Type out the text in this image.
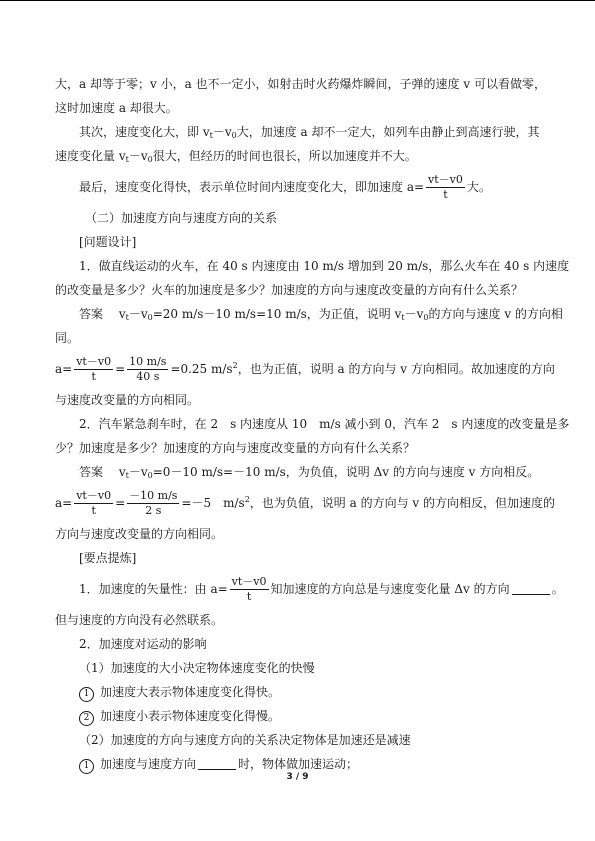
大，a 却等于零；v 小，a 也不一定小，如射击时火药爆炸瞬间，子弹的速度 v 可以看做零，

这时加速度 a 却很大。

其次，速度变化大，即 $v_t-v_0$大，加速度 a 却不一定大，如列车由静止到高速行驶，其

速度变化量 $v_t-v_0$很大，但经历的时间也很长，所以加速度并不大。

最后，速度变化得快，表示单位时间内速度变化大，即加速度 $a= \frac{vt-v0}{t}$ 大。

（二）加速度方向与速度方向的关系

[问题设计]

1．做直线运动的火车，在 40 s 内速度由 10 m/s 增加到 20 m/s，那么火车在 40 s 内速度

的改变量是多少？火车的加速度是多少？加速度的方向与速度改变量的方向有什么关系？

答案　 $v_t-v_0=20$ m/s－10 m/s=10 m/s，为正值，说明 $v_t-v_0$的方向与速度 v 的方向相

同。

$a= \frac{vt-v0}{t} = \frac{10 m/s}{40 s} =0.25$ $m/s^2$，也为正值，说明 a 的方向与 v 方向相同。故加速度的方向

与速度改变量的方向相同。

2．汽车紧急刹车时，在 2　s 内速度从 10　m/s 减小到 0，汽车 2　s 内速度的改变量是多

少？加速度是多少？加速度的方向与速度改变量的方向有什么关系？

答案　 $v_t-v_0=0-10$ m/s=－10 m/s，为负值，说明 Δv 的方向与速度 v 方向相反。

$a= \frac{vt-v0}{t} = \frac{-10 m/s}{2 s} =-5$　$m/s^2$，也为负值，说明 a 的方向与 v 的方向相反，但加速度的

方向与速度改变量的方向相同。

[要点提炼]

1．加速度的矢量性：由 $a= \frac{vt-v0}{t}$ 知加速度的方向总是与速度变化量 Δv 的方向	。

但与速度的方向没有必然联系。

2．加速度对运动的影响

（1）加速度的大小决定物体速度变化的快慢

1 加速度大表示物体速度变化得快。

2 加速度小表示物体速度变化得慢。

（2）加速度的方向与速度方向的关系决定物体是加速还是减速

1 加速度与速度方向	时，物体做加速运动；

3 / 9
